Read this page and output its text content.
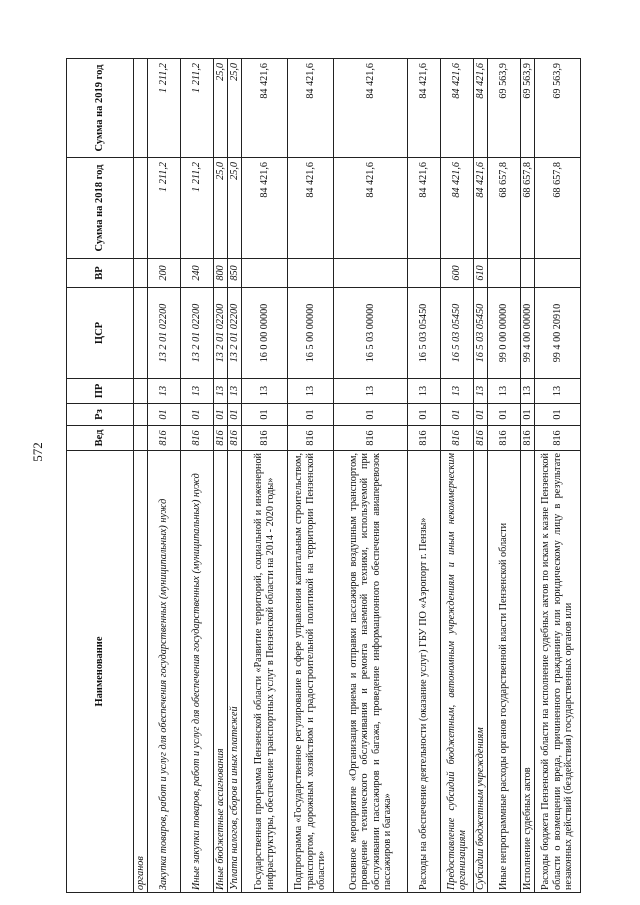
572
Наименование	Вед	Рз	ПР	ЦСР	ВР	Сумма на 2018 год	Сумма на 2019 год
органов							
Закупка товаров, работ и услуг для обеспечения государственных (муниципальных) нужд	816	01	13	13 2 01 02200	200	1 211,2	1 211,2
Иные закупки товаров, работ и услуг для обеспечения государственных (муниципальных) нужд	816	01	13	13 2 01 02200	240	1 211,2	1 211,2
Иные бюджетные ассигнования	816	01	13	13 2 01 02200	800	25,0	25,0
Уплата налогов, сборов и иных платежей	816	01	13	13 2 01 02200	850	25,0	25,0
Государственная программа Пензенской области «Развитие территорий, социальной и инженерной инфраструктуры, обеспечение транспортных услуг в Пензенской области на 2014 - 2020 годы»	816	01	13	16 0 00 00000		84 421,6	84 421,6
Подпрограмма «Государственное регулирование в сфере управления капитальным строительством, транспортом, дорожным хозяйством и градостроительной политикой на территории Пензенской области»	816	01	13	16 5 00 00000		84 421,6	84 421,6
Основное мероприятие «Организация приема и отправки пассажиров воздушным транспортом, проведение технического обслуживания и ремонта наземной техники, используемой при обслуживании пассажиров и багажа, проведение информационного обеспечения авиаперевозок пассажиров и багажа»	816	01	13	16 5 03 00000		84 421,6	84 421,6
Расходы на обеспечение деятельности (оказание услуг) ГБУ ПО «Аэропорт г. Пензы»	816	01	13	16 5 03 05450		84 421,6	84 421,6
Предоставление субсидий бюджетным, автономным учреждениям и иным некоммерческим организациям	816	01	13	16 5 03 05450	600	84 421,6	84 421,6
Субсидии бюджетным учреждениям	816	01	13	16 5 03 05450	610	84 421,6	84 421,6
Иные непрограммные расходы органов государственной власти Пензенской области	816	01	13	99 0 00 00000		68 657,8	69 563,9
Исполнение судебных актов	816	01	13	99 4 00 00000		68 657,8	69 563,9
Расходы бюджета Пензенской области на исполнение судебных актов по искам к казне Пензенской области о возмещении вреда, причиненного гражданину или юридическому лицу в результате незаконных действий (бездействия) государственных органов или	816	01	13	99 4 00 20910		68 657,8	69 563,9
